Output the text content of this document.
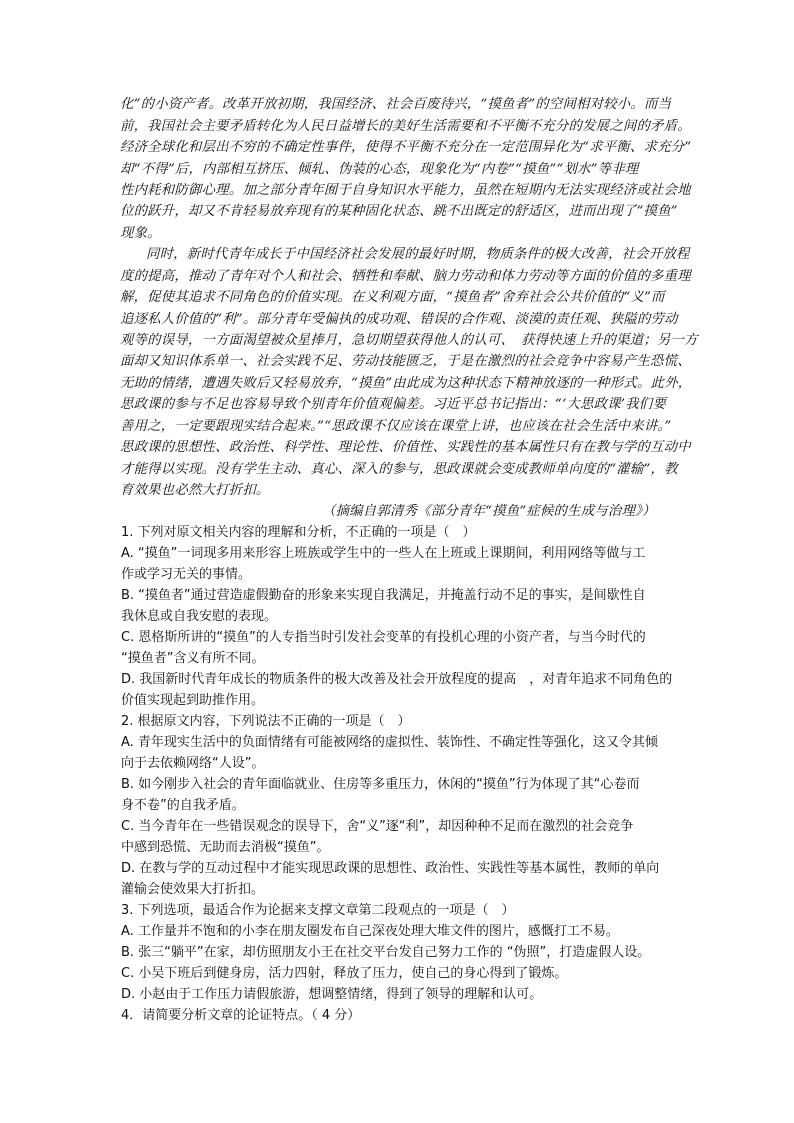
化”的小资产者。改革开放初期，我国经济、社会百废待兴，“摸鱼者”的空间相对较小。而当
前，我国社会主要矛盾转化为人民日益增长的美好生活需要和不平衡不充分的发展之间的矛盾。
经济全球化和层出不穷的不确定性事件，使得不平衡不充分在一定范围异化为“求平衡、求充分”
却“不得”后，内部相互挤压、倾轧、伪装的心态，现象化为“内卷”“摸鱼”“划水”等非理
性内耗和防御心理。加之部分青年囿于自身知识水平能力，虽然在短期内无法实现经济或社会地
位的跃升，却又不肯轻易放弃现有的某种固化状态、跳不出既定的舒适区，进而出现了“摸鱼”
现象。
同时，新时代青年成长于中国经济社会发展的最好时期，物质条件的极大改善，社会开放程
度的提高，推动了青年对个人和社会、牺牲和奉献、脑力劳动和体力劳动等方面的价值的多重理
解，促使其追求不同角色的价值实现。在义利观方面，“摸鱼者”舍弃社会公共价值的“义”而
追逐私人价值的“利”。部分青年受偏执的成功观、错误的合作观、淡漠的责任观、狭隘的劳动
观等的误导，一方面渴望被众星捧月，急切期望获得他人的认可、　获得快速上升的渠道；另一方
面却又知识体系单一、社会实践不足、劳动技能匮乏，于是在激烈的社会竞争中容易产生恐慌、
无助的情绪，遭遇失败后又轻易放弃，“摸鱼”由此成为这种状态下精神放逐的一种形式。此外，
思政课的参与不足也容易导致个别青年价值观偏差。习近平总书记指出：“‘大思政课’我们要
善用之，一定要跟现实结合起来。”“思政课不仅应该在课堂上讲，也应该在社会生活中来讲。”
思政课的思想性、政治性、科学性、理论性、价值性、实践性的基本属性只有在教与学的互动中
才能得以实现。没有学生主动、真心、深入的参与，思政课就会变成教师单向度的“灌输”，教
育效果也必然大打折扣。
（摘编自郭清秀《部分青年“摸鱼”症候的生成与治理》）
1. 下列对原文相关内容的理解和分析，不正确的一项是（　）
A. “摸鱼”一词现多用来形容上班族或学生中的一些人在上班或上课期间，利用网络等做与工
作或学习无关的事情。
B. “摸鱼者”通过营造虚假勤奋的形象来实现自我满足，并掩盖行动不足的事实，是间歇性自
我休息或自我安慰的表现。
C. 恩格斯所讲的“摸鱼”的人专指当时引发社会变革的有投机心理的小资产者，与当今时代的
“摸鱼者”含义有所不同。
D. 我国新时代青年成长的物质条件的极大改善及社会开放程度的提高　，对青年追求不同角色的
价值实现起到助推作用。
2. 根据原文内容，下列说法不正确的一项是（　）
A. 青年现实生活中的负面情绪有可能被网络的虚拟性、装饰性、不确定性等强化，这又令其倾
向于去依赖网络“人设”。
B. 如今刚步入社会的青年面临就业、住房等多重压力，休闲的“摸鱼”行为体现了其“心卷而
身不卷”的自我矛盾。
C. 当今青年在一些错误观念的误导下，舍“义”逐“利”，却因种种不足而在激烈的社会竞争
中感到恐慌、无助而去消极“摸鱼”。
D. 在教与学的互动过程中才能实现思政课的思想性、政治性、实践性等基本属性，教师的单向
灌输会使效果大打折扣。
3. 下列选项，最适合作为论据来支撑文章第二段观点的一项是（　）
A. 工作量并不饱和的小李在朋友圈发布自己深夜处理大堆文件的图片，感慨打工不易。
B. 张三“躺平”在家，却仿照朋友小王在社交平台发自己努力工作的 “伪照”，打造虚假人设。
C. 小吴下班后到健身房，活力四射，释放了压力，使自己的身心得到了锻炼。
D. 小赵由于工作压力请假旅游，想调整情绪，得到了领导的理解和认可。
4．请简要分析文章的论证特点。（ 4 分）
